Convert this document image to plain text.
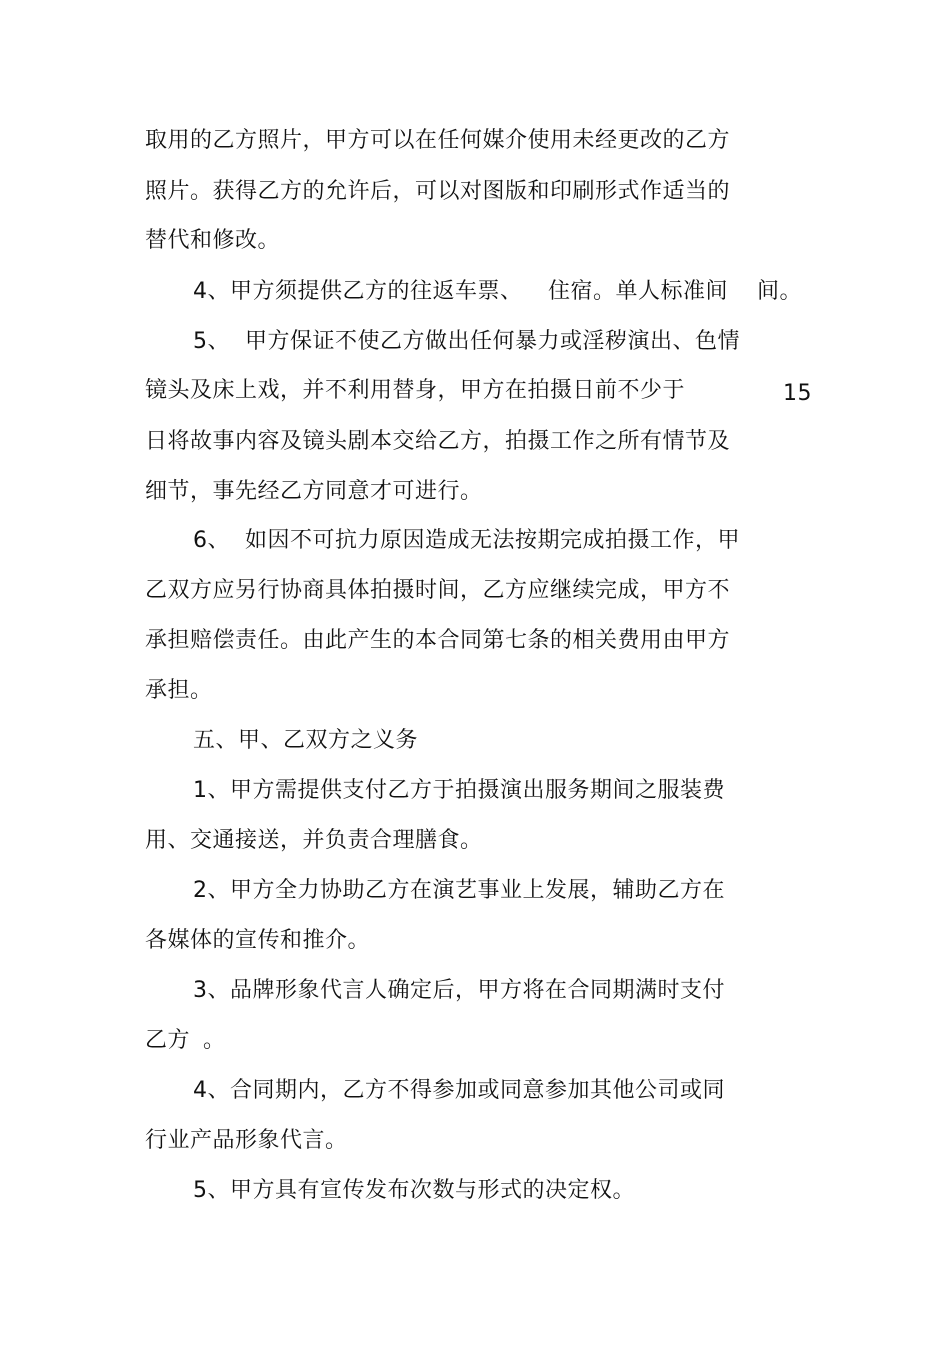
取用的乙方照片，甲方可以在任何媒介使用未经更改的乙方
照片。获得乙方的允许后，可以对图版和印刷形式作适当的
替代和修改。
4、甲方须提供乙方的往返车票、 住宿。单人标准间 间。
5、 甲方保证不使乙方做出任何暴力或淫秽演出、色情
镜头及床上戏，并不利用替身，甲方在拍摄日前不少于	15
日将故事内容及镜头剧本交给乙方，拍摄工作之所有情节及
细节，事先经乙方同意才可进行。
6、 如因不可抗力原因造成无法按期完成拍摄工作，甲
乙双方应另行协商具体拍摄时间，乙方应继续完成，甲方不
承担赔偿责任。由此产生的本合同第七条的相关费用由甲方
承担。
五、甲、乙双方之义务
1、甲方需提供支付乙方于拍摄演出服务期间之服装费
用、交通接送，并负责合理膳食。
2、甲方全力协助乙方在演艺事业上发展，辅助乙方在
各媒体的宣传和推介。
3、品牌形象代言人确定后，甲方将在合同期满时支付
乙方 。
4、合同期内，乙方不得参加或同意参加其他公司或同
行业产品形象代言。
5、甲方具有宣传发布次数与形式的决定权。
